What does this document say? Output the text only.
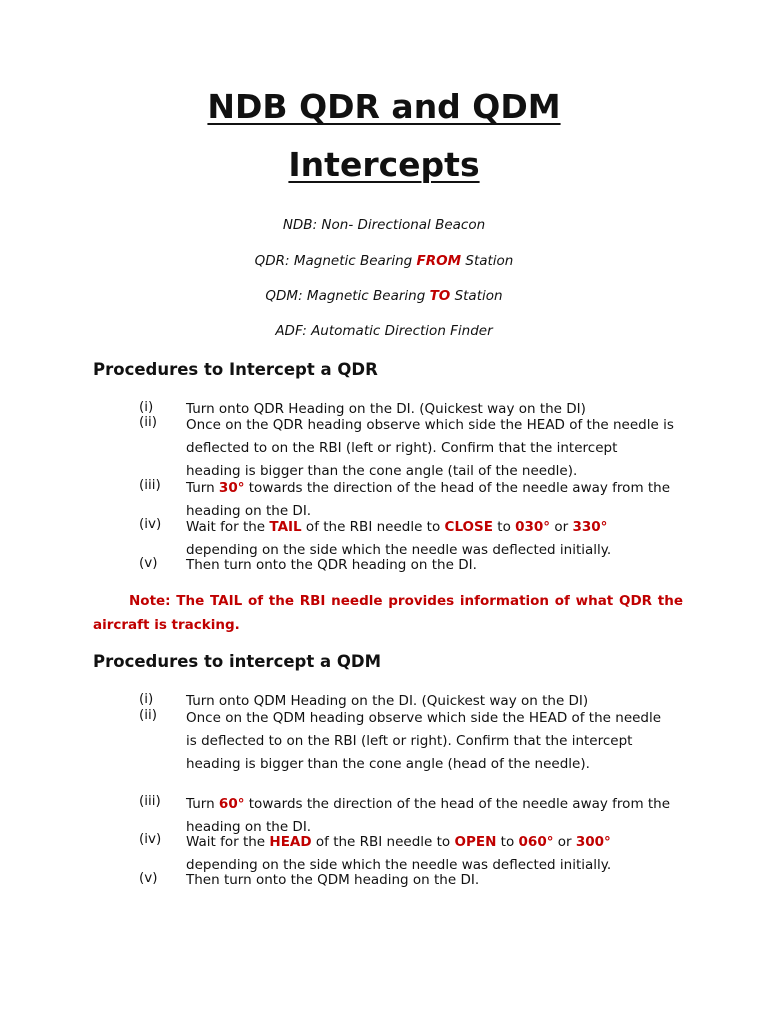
NDB QDR and QDM
Intercepts

NDB: Non- Directional Beacon

QDR: Magnetic Bearing FROM Station

QDM: Magnetic Bearing TO Station

ADF: Automatic Direction Finder

Procedures to Intercept a QDR
(i) Turn onto QDR Heading on the DI. (Quickest way on the DI)
(ii) Once on the QDR heading observe which side the HEAD of the needle is deflected to on the RBI (left or right). Confirm that the intercept heading is bigger than the cone angle (tail of the needle).
(iii) Turn 30° towards the direction of the head of the needle away from the heading on the DI.
(iv) Wait for the TAIL of the RBI needle to CLOSE to 030° or 330° depending on the side which the needle was deflected initially.
(v) Then turn onto the QDR heading on the DI.

Note: The TAIL of the RBI needle provides information of what QDR the aircraft is tracking.

Procedures to intercept a QDM
(i) Turn onto QDM Heading on the DI. (Quickest way on the DI)
(ii) Once on the QDM heading observe which side the HEAD of the needle is deflected to on the RBI (left or right). Confirm that the intercept heading is bigger than the cone angle (head of the needle).
(iii) Turn 60° towards the direction of the head of the needle away from the heading on the DI.
(iv) Wait for the HEAD of the RBI needle to OPEN to 060° or 300° depending on the side which the needle was deflected initially.
(v) Then turn onto the QDM heading on the DI.
